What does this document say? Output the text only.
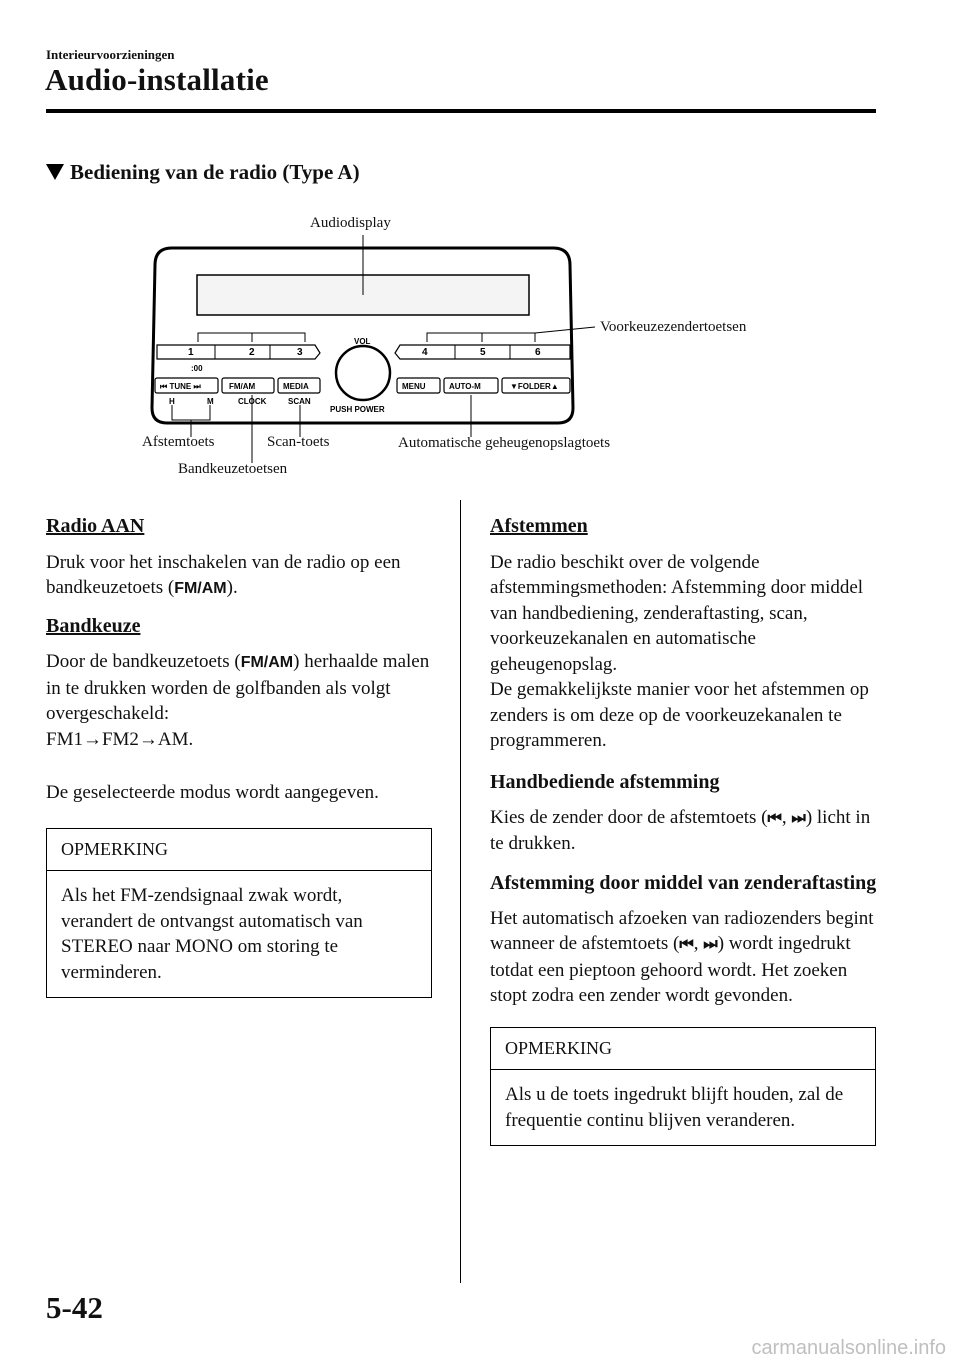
Interieurvoorzieningen
Audio-installatie
Bediening van de radio (Type A)
1	2	3	4	5	6
:00
VOL
⏮ TUNE ⏭	FM/AM	MEDIA	MENU	AUTO-M	▼FOLDER▲
H	M	CLOCK	SCAN
PUSH POWER
Audiodisplay
Voorkeuzezendertoetsen
Afstemtoets	Scan-toets	Automatische geheugenopslagtoets
Bandkeuzetoetsen
Radio AAN

Druk voor het inschakelen van de radio op een bandkeuzetoets (FM/AM).

Bandkeuze

Door de bandkeuzetoets (FM/AM) herhaalde malen in te drukken worden de golfbanden als volgt overgeschakeld:

FM1→FM2→AM.

De geselecteerde modus wordt aangegeven.

OPMERKING
Als het FM-zendsignaal zwak wordt, verandert de ontvangst automatisch van STEREO naar MONO om storing te verminderen.
Afstemmen

De radio beschikt over de volgende afstemmingsmethoden: Afstemming door middel van handbediening, zenderaftasting, scan, voorkeuzekanalen en automatische geheugenopslag.

De gemakkelijkste manier voor het afstemmen op zenders is om deze op de voorkeuzekanalen te programmeren.

Handbediende afstemming

Kies de zender door de afstemtoets (⏮, ⏭) licht in te drukken.

Afstemming door middel van zenderaftasting

Het automatisch afzoeken van radiozenders begint wanneer de afstemtoets (⏮, ⏭) wordt ingedrukt totdat een pieptoon gehoord wordt. Het zoeken stopt zodra een zender wordt gevonden.

OPMERKING
Als u de toets ingedrukt blijft houden, zal de frequentie continu blijven veranderen.
5-42
carmanualsonline.info
